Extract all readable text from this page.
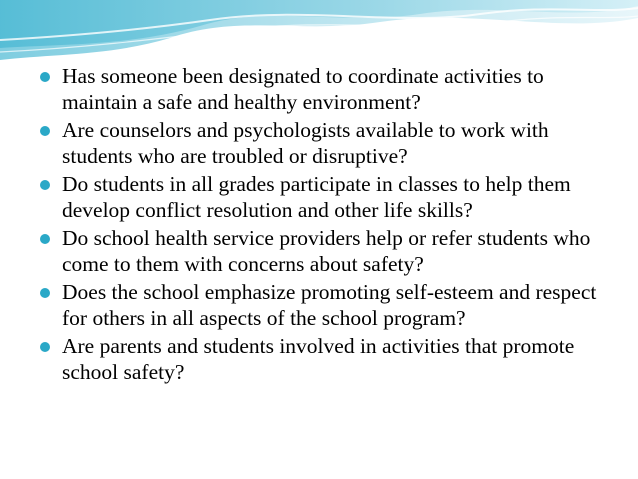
Has someone been designated to coordinate activities to maintain a safe and healthy environment?
Are counselors and psychologists available to work with students who are troubled or disruptive?
Do students in all grades participate in classes to help them develop conflict resolution and other life skills?
Do school health service providers help or refer students who come to them with concerns about safety?
Does the school emphasize promoting self-esteem and respect for others in all aspects of the school program?
Are parents and students involved in activities that promote school safety?
